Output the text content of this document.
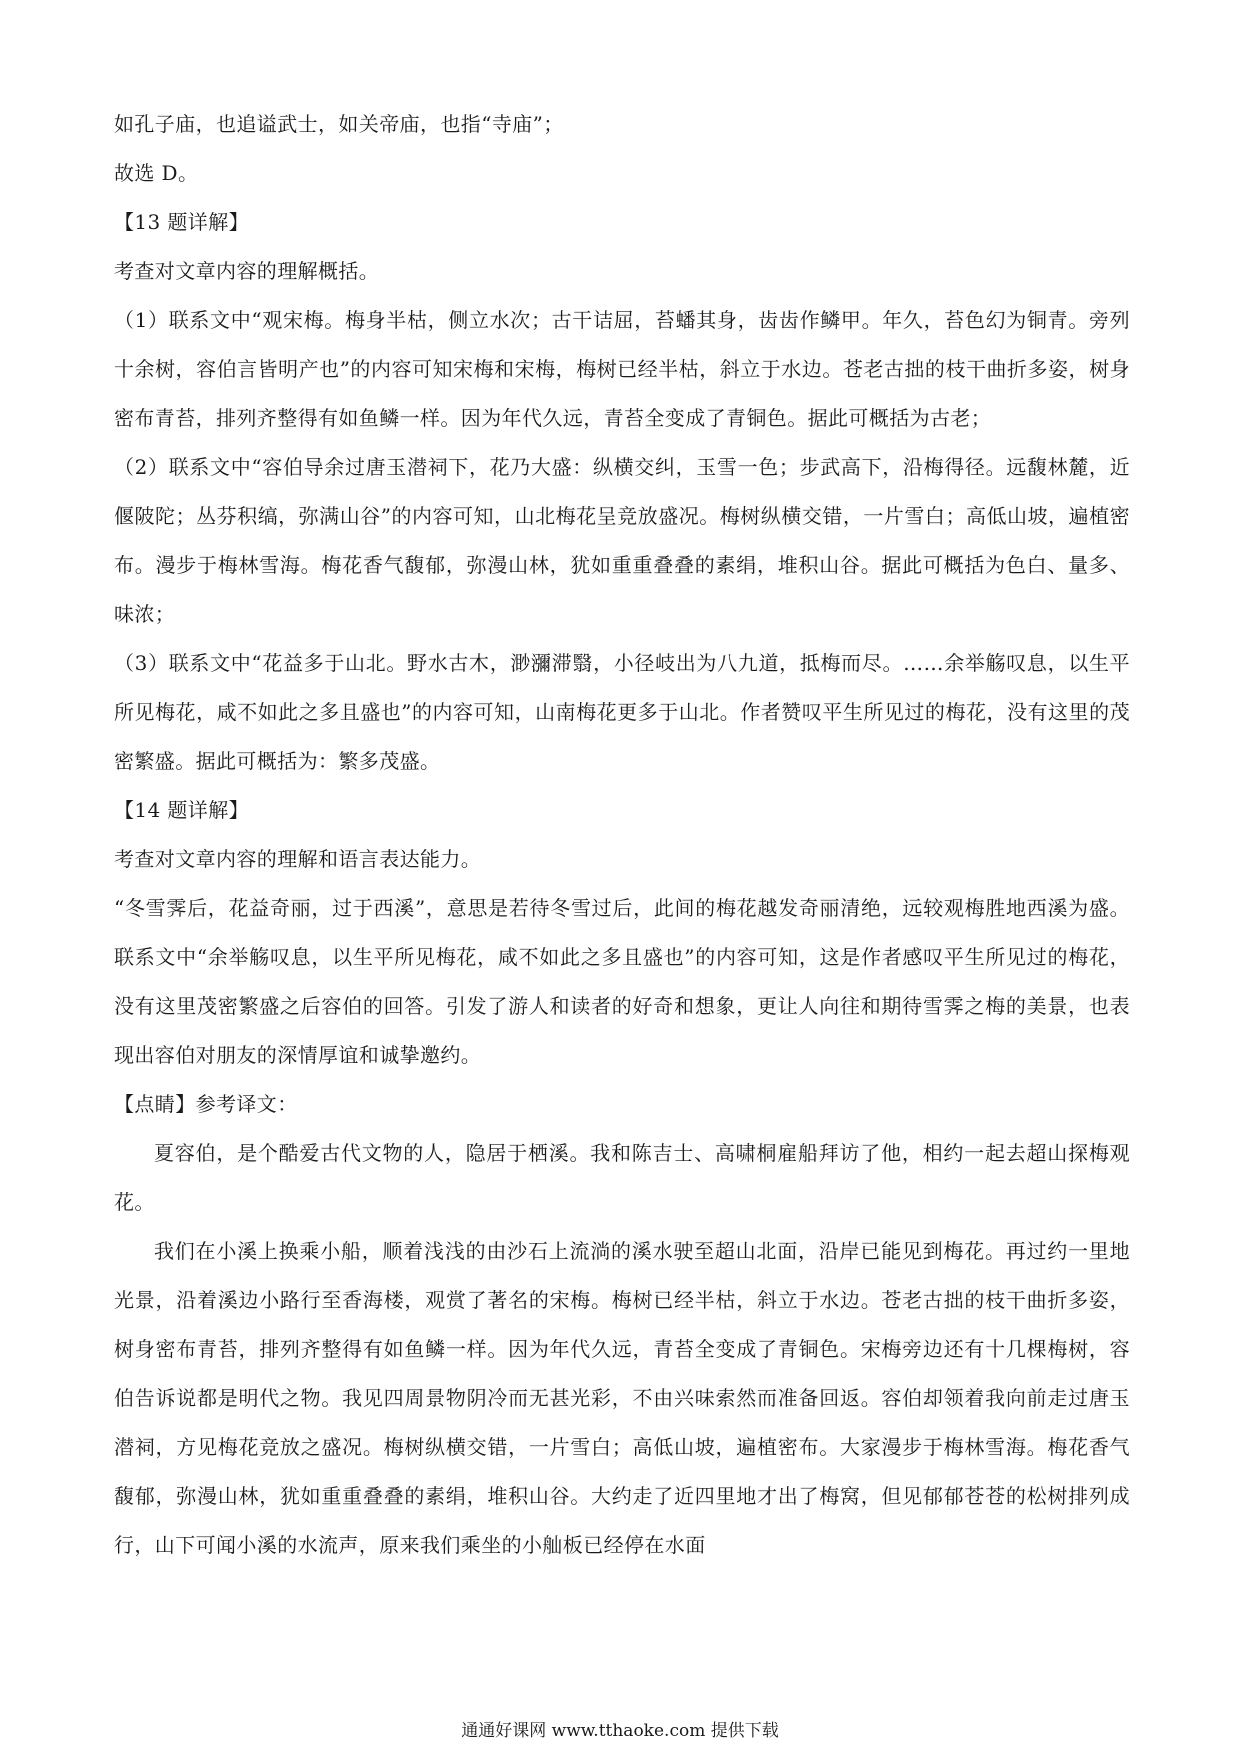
如孔子庙，也追谥武士，如关帝庙，也指“寺庙”；

故选 D。

【13 题详解】

考查对文章内容的理解概括。

（1）联系文中“观宋梅。梅身半枯，侧立水次；古干诘屈，苔蟠其身，齿齿作鳞甲。年久，苔色幻为铜青。旁列十余树，容伯言皆明产也”的内容可知宋梅和宋梅，梅树已经半枯，斜立于水边。苍老古拙的枝干曲折多姿，树身密布青苔，排列齐整得有如鱼鳞一样。因为年代久远，青苔全变成了青铜色。据此可概括为古老；

（2）联系文中“容伯导余过唐玉潜祠下，花乃大盛：纵横交纠，玉雪一色；步武高下，沿梅得径。远馥林麓，近偃陂陀；丛芬积缟，弥满山谷”的内容可知，山北梅花呈竞放盛况。梅树纵横交错，一片雪白；高低山坡，遍植密布。漫步于梅林雪海。梅花香气馥郁，弥漫山林，犹如重重叠叠的素绢，堆积山谷。据此可概括为色白、量多、味浓；

（3）联系文中“花益多于山北。野水古木，渺瀰滞翳，小径岐出为八九道，抵梅而尽。……余举觞叹息，以生平所见梅花，咸不如此之多且盛也”的内容可知，山南梅花更多于山北。作者赞叹平生所见过的梅花，没有这里的茂密繁盛。据此可概括为：繁多茂盛。

【14 题详解】

考查对文章内容的理解和语言表达能力。

“冬雪霁后，花益奇丽，过于西溪”，意思是若待冬雪过后，此间的梅花越发奇丽清绝，远较观梅胜地西溪为盛。联系文中“余举觞叹息，以生平所见梅花，咸不如此之多且盛也”的内容可知，这是作者感叹平生所见过的梅花，没有这里茂密繁盛之后容伯的回答。引发了游人和读者的好奇和想象，更让人向往和期待雪霁之梅的美景，也表现出容伯对朋友的深情厚谊和诚挚邀约。

【点睛】参考译文：

夏容伯，是个酷爱古代文物的人，隐居于栖溪。我和陈吉士、高啸桐雇船拜访了他，相约一起去超山探梅观花。

我们在小溪上换乘小船，顺着浅浅的由沙石上流淌的溪水驶至超山北面，沿岸已能见到梅花。再过约一里地光景，沿着溪边小路行至香海楼，观赏了著名的宋梅。梅树已经半枯，斜立于水边。苍老古拙的枝干曲折多姿，树身密布青苔，排列齐整得有如鱼鳞一样。因为年代久远，青苔全变成了青铜色。宋梅旁边还有十几棵梅树，容伯告诉说都是明代之物。我见四周景物阴冷而无甚光彩，不由兴味索然而准备回返。容伯却领着我向前走过唐玉潜祠，方见梅花竞放之盛况。梅树纵横交错，一片雪白；高低山坡，遍植密布。大家漫步于梅林雪海。梅花香气馥郁，弥漫山林，犹如重重叠叠的素绢，堆积山谷。大约走了近四里地才出了梅窝，但见郁郁苍苍的松树排列成行，山下可闻小溪的水流声，原来我们乘坐的小舢板已经停在水面

通通好课网 www.tthaoke.com 提供下载
